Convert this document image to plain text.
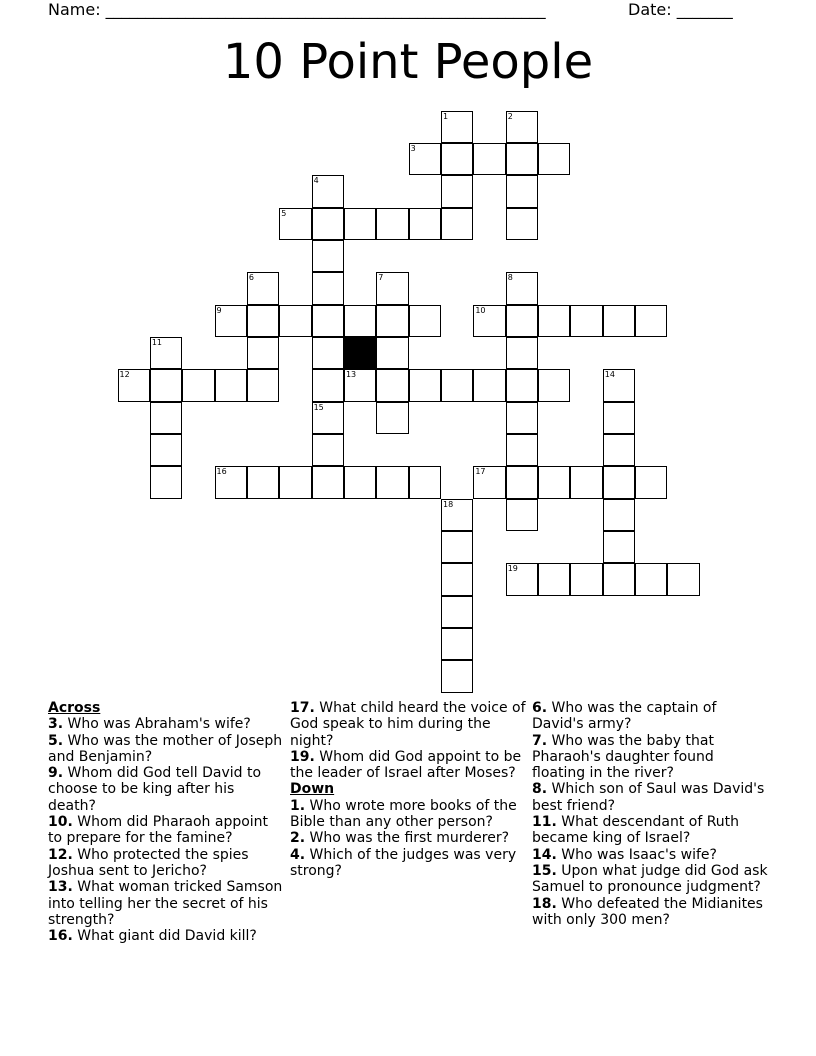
Name: _______________________________________________________	Date: _______
10 Point People
3
5
9	10
12	13
16	17
19
1	2
4
6	7	8
11
14
15
18
Across
3. Who was Abraham's wife?
5. Who was the mother of Joseph and Benjamin?
9. Whom did God tell David to choose to be king after his death?
10. Whom did Pharaoh appoint to prepare for the famine?
12. Who protected the spies Joshua sent to Jericho?
13. What woman tricked Samson into telling her the secret of his strength?
16. What giant did David kill?
17. What child heard the voice of God speak to him during the night?
19. Whom did God appoint to be the leader of Israel after Moses?
Down
1. Who wrote more books of the Bible than any other person?
2. Who was the first murderer?
4. Which of the judges was very strong?
6. Who was the captain of David's army?
7. Who was the baby that Pharaoh's daughter found floating in the river?
8. Which son of Saul was David's best friend?
11. What descendant of Ruth became king of Israel?
14. Who was Isaac's wife?
15. Upon what judge did God ask Samuel to pronounce judgment?
18. Who defeated the Midianites with only 300 men?
